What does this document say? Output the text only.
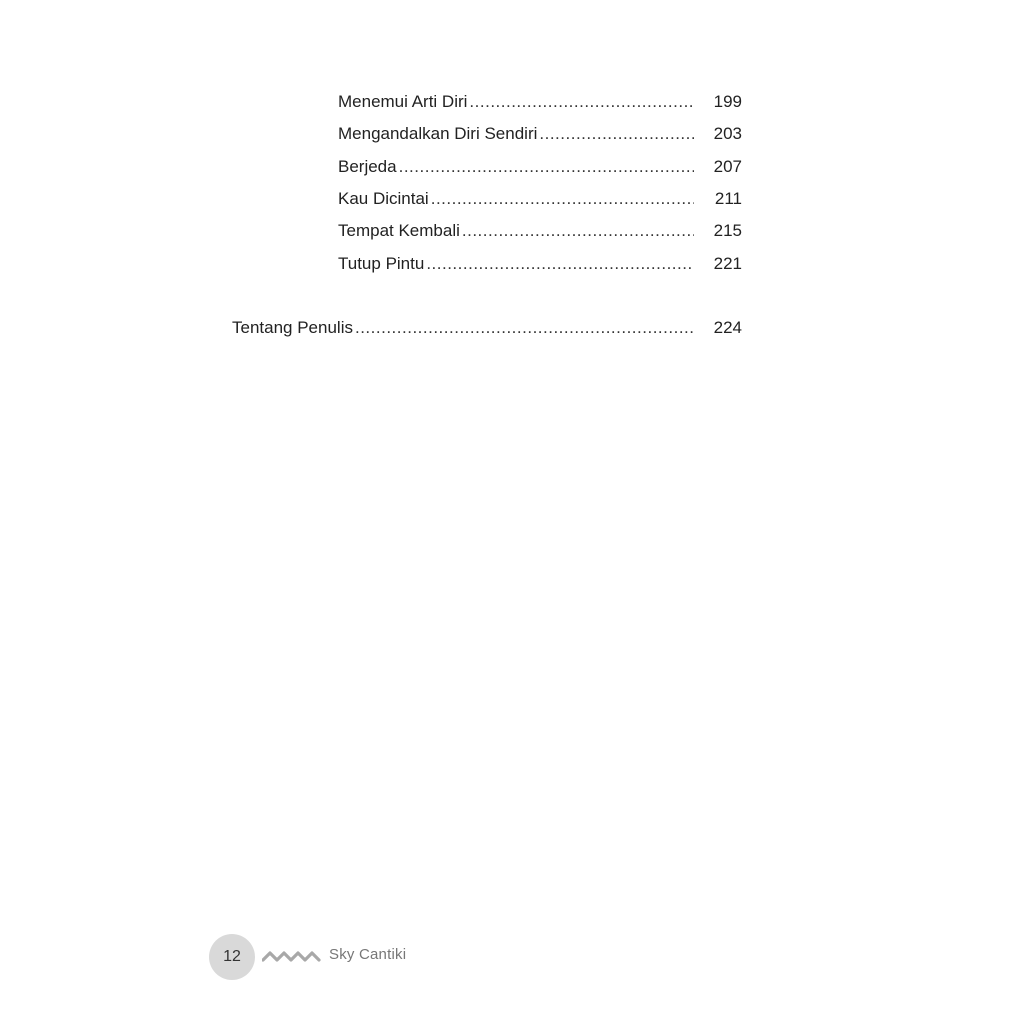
Menemui Arti Diri .....	199
Mengandalkan Diri Sendiri .....	203
Berjeda .....	207
Kau Dicintai .....	211
Tempat Kembali .....	215
Tutup Pintu .....	221
Tentang Penulis .....	224
12	Sky Cantiki
